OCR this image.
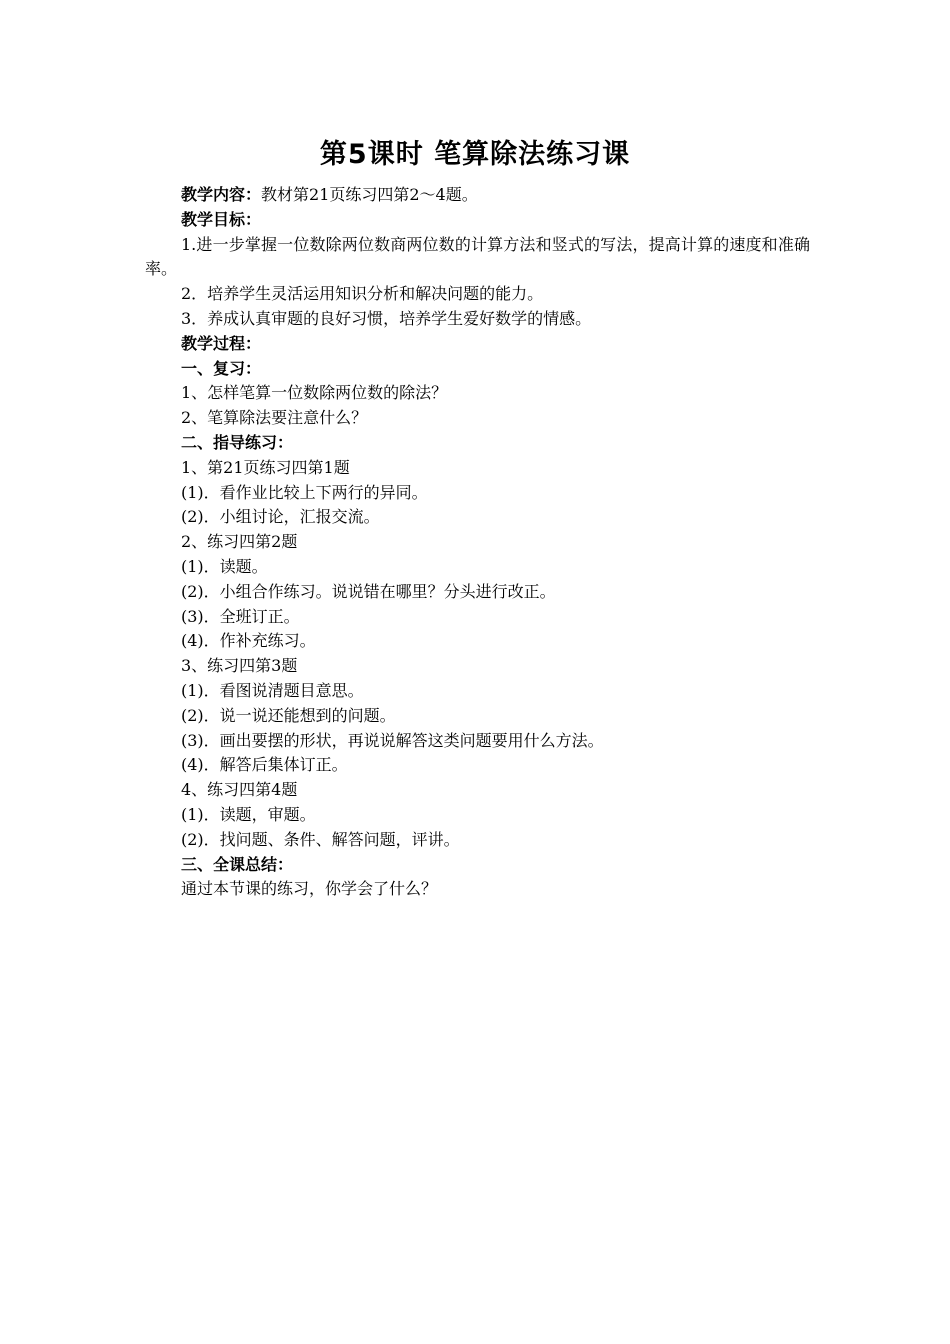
第5课时 笔算除法练习课
教学内容：教材第21页练习四第2～4题。
教学目标：
1.进一步掌握一位数除两位数商两位数的计算方法和竖式的写法，提高计算的速度和准确率。
2．培养学生灵活运用知识分析和解决问题的能力。
3．养成认真审题的良好习惯，培养学生爱好数学的情感。
教学过程：
一、复习：
1、怎样笔算一位数除两位数的除法？
2、笔算除法要注意什么？
二、指导练习：
1、第21页练习四第1题
(1)．看作业比较上下两行的异同。
(2)．小组讨论，汇报交流。
2、练习四第2题
(1)．读题。
(2)．小组合作练习。说说错在哪里？分头进行改正。
(3)．全班订正。
(4)．作补充练习。
3、练习四第3题
(1)．看图说清题目意思。
(2)．说一说还能想到的问题。
(3)．画出要摆的形状，再说说解答这类问题要用什么方法。
(4)．解答后集体订正。
4、练习四第4题
(1)．读题，审题。
(2)．找问题、条件、解答问题，评讲。
三、全课总结：
通过本节课的练习，你学会了什么？
